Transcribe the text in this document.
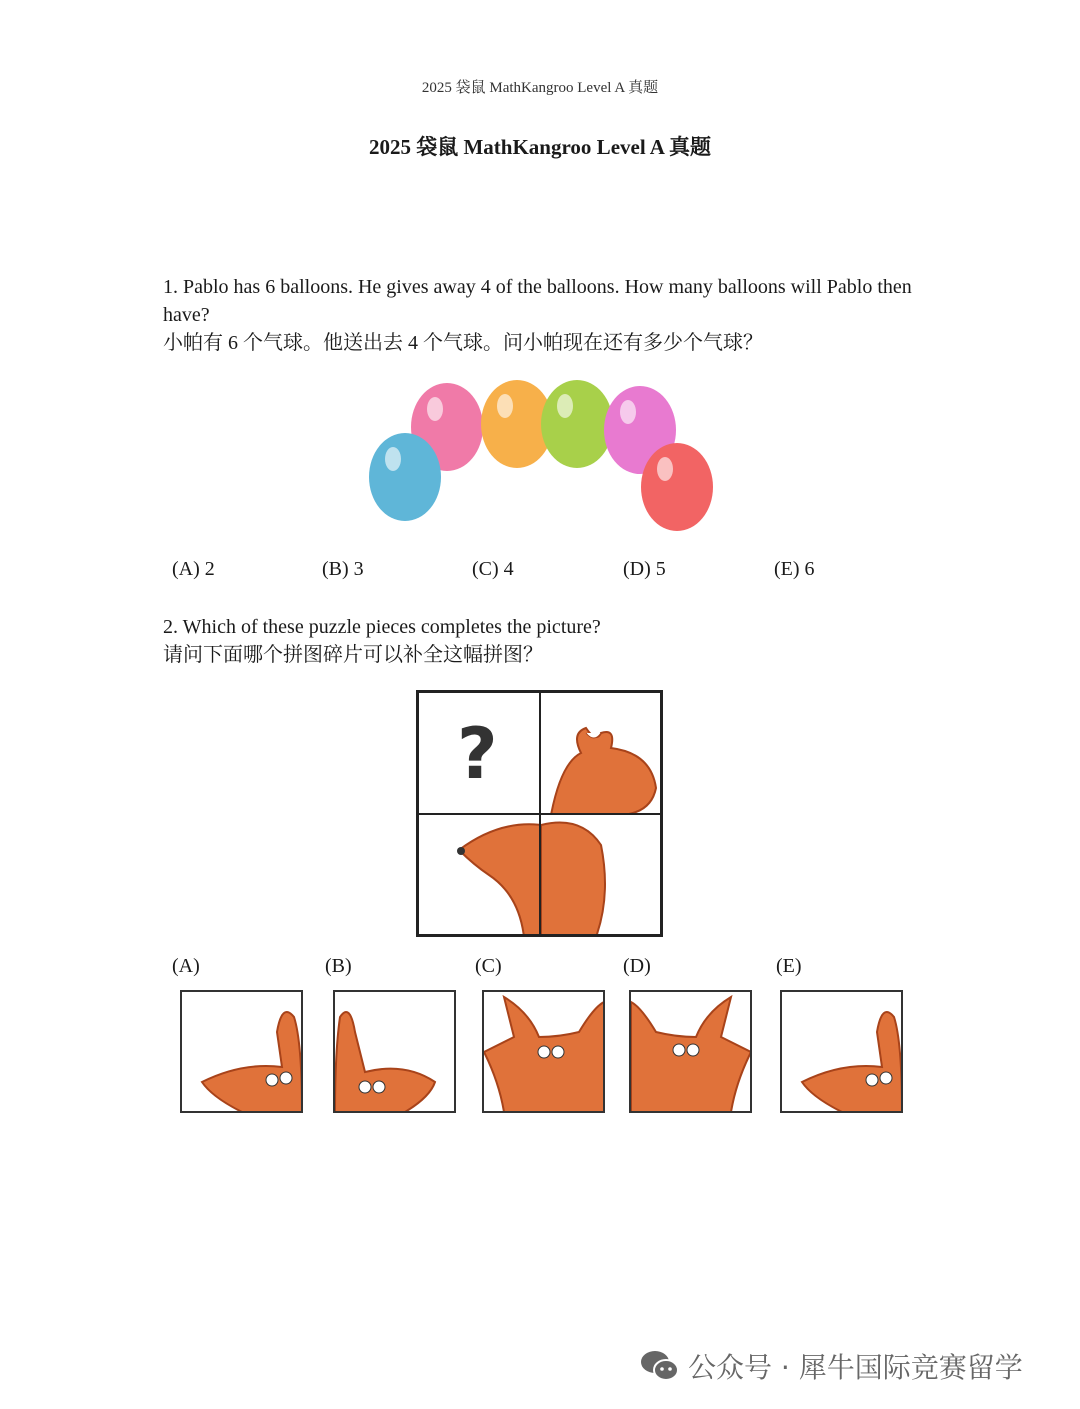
2025 袋鼠 MathKangroo Level A 真题
2025 袋鼠 MathKangroo Level A 真题
1. Pablo has 6 balloons. He gives away 4 of the balloons. How many balloons will Pablo then have?
小帕有 6 个气球。他送出去 4 个气球。问小帕现在还有多少个气球？
(A) 2	(B) 3	(C) 4	(D) 5	(E) 6
2. Which of these puzzle pieces completes the picture?
请问下面哪个拼图碎片可以补全这幅拼图？
?
(A)	(B)	(C)	(D)	(E)
公众号 · 犀牛国际竞赛留学
